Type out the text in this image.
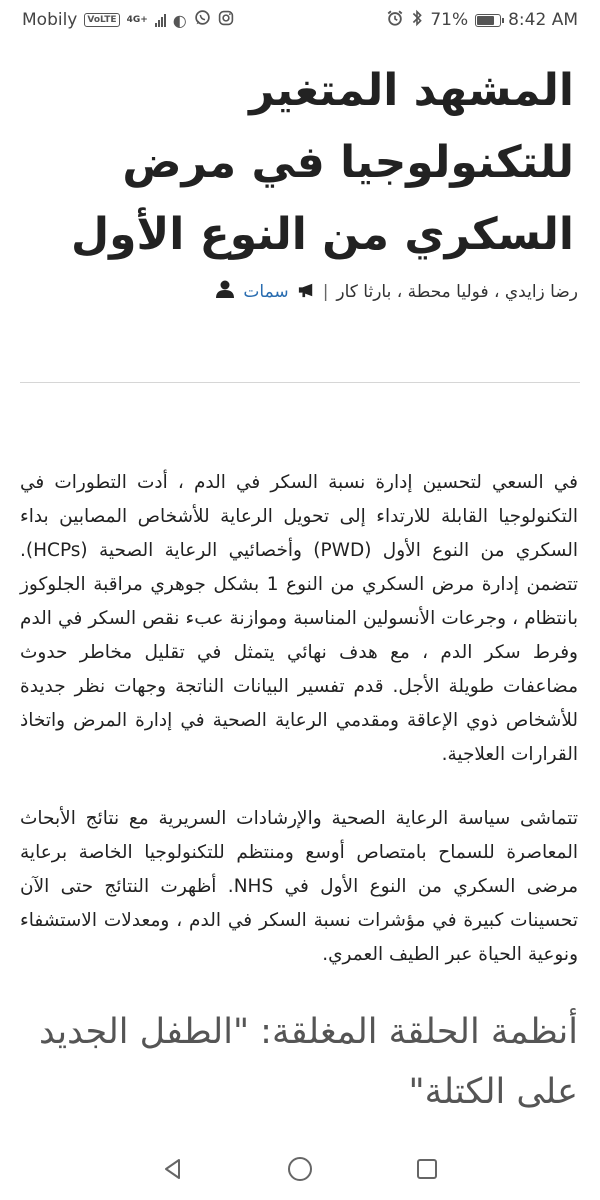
Mobily	VoLTE	4G+ ◐	71% 8:42 AM
المشهد المتغير للتكنولوجيا في مرض السكري من النوع الأول
رضا زايدي ، فوليا محطة ، بارثا كار
|
سمات

في السعي لتحسين إدارة نسبة السكر في الدم ، أدت التطورات في التكنولوجيا القابلة للارتداء إلى تحويل الرعاية للأشخاص المصابين بداء السكري من النوع الأول (PWD) وأخصائيي الرعاية الصحية (HCPs). تتضمن إدارة مرض السكري من النوع 1 بشكل جوهري مراقبة الجلوكوز بانتظام ، وجرعات الأنسولين المناسبة وموازنة عبء نقص السكر في الدم وفرط سكر الدم ، مع هدف نهائي يتمثل في تقليل مخاطر حدوث مضاعفات طويلة الأجل. قدم تفسير البيانات الناتجة وجهات نظر جديدة للأشخاص ذوي الإعاقة ومقدمي الرعاية الصحية في إدارة المرض واتخاذ القرارات العلاجية.

تتماشى سياسة الرعاية الصحية والإرشادات السريرية مع نتائج الأبحاث المعاصرة للسماح بامتصاص أوسع ومنتظم للتكنولوجيا الخاصة برعاية مرضى السكري من النوع الأول في NHS. أظهرت النتائج حتى الآن تحسينات كبيرة في مؤشرات نسبة السكر في الدم ، ومعدلات الاستشفاء ونوعية الحياة عبر الطيف العمري.

أنظمة الحلقة المغلقة: "الطفل الجديد على الكتلة"
